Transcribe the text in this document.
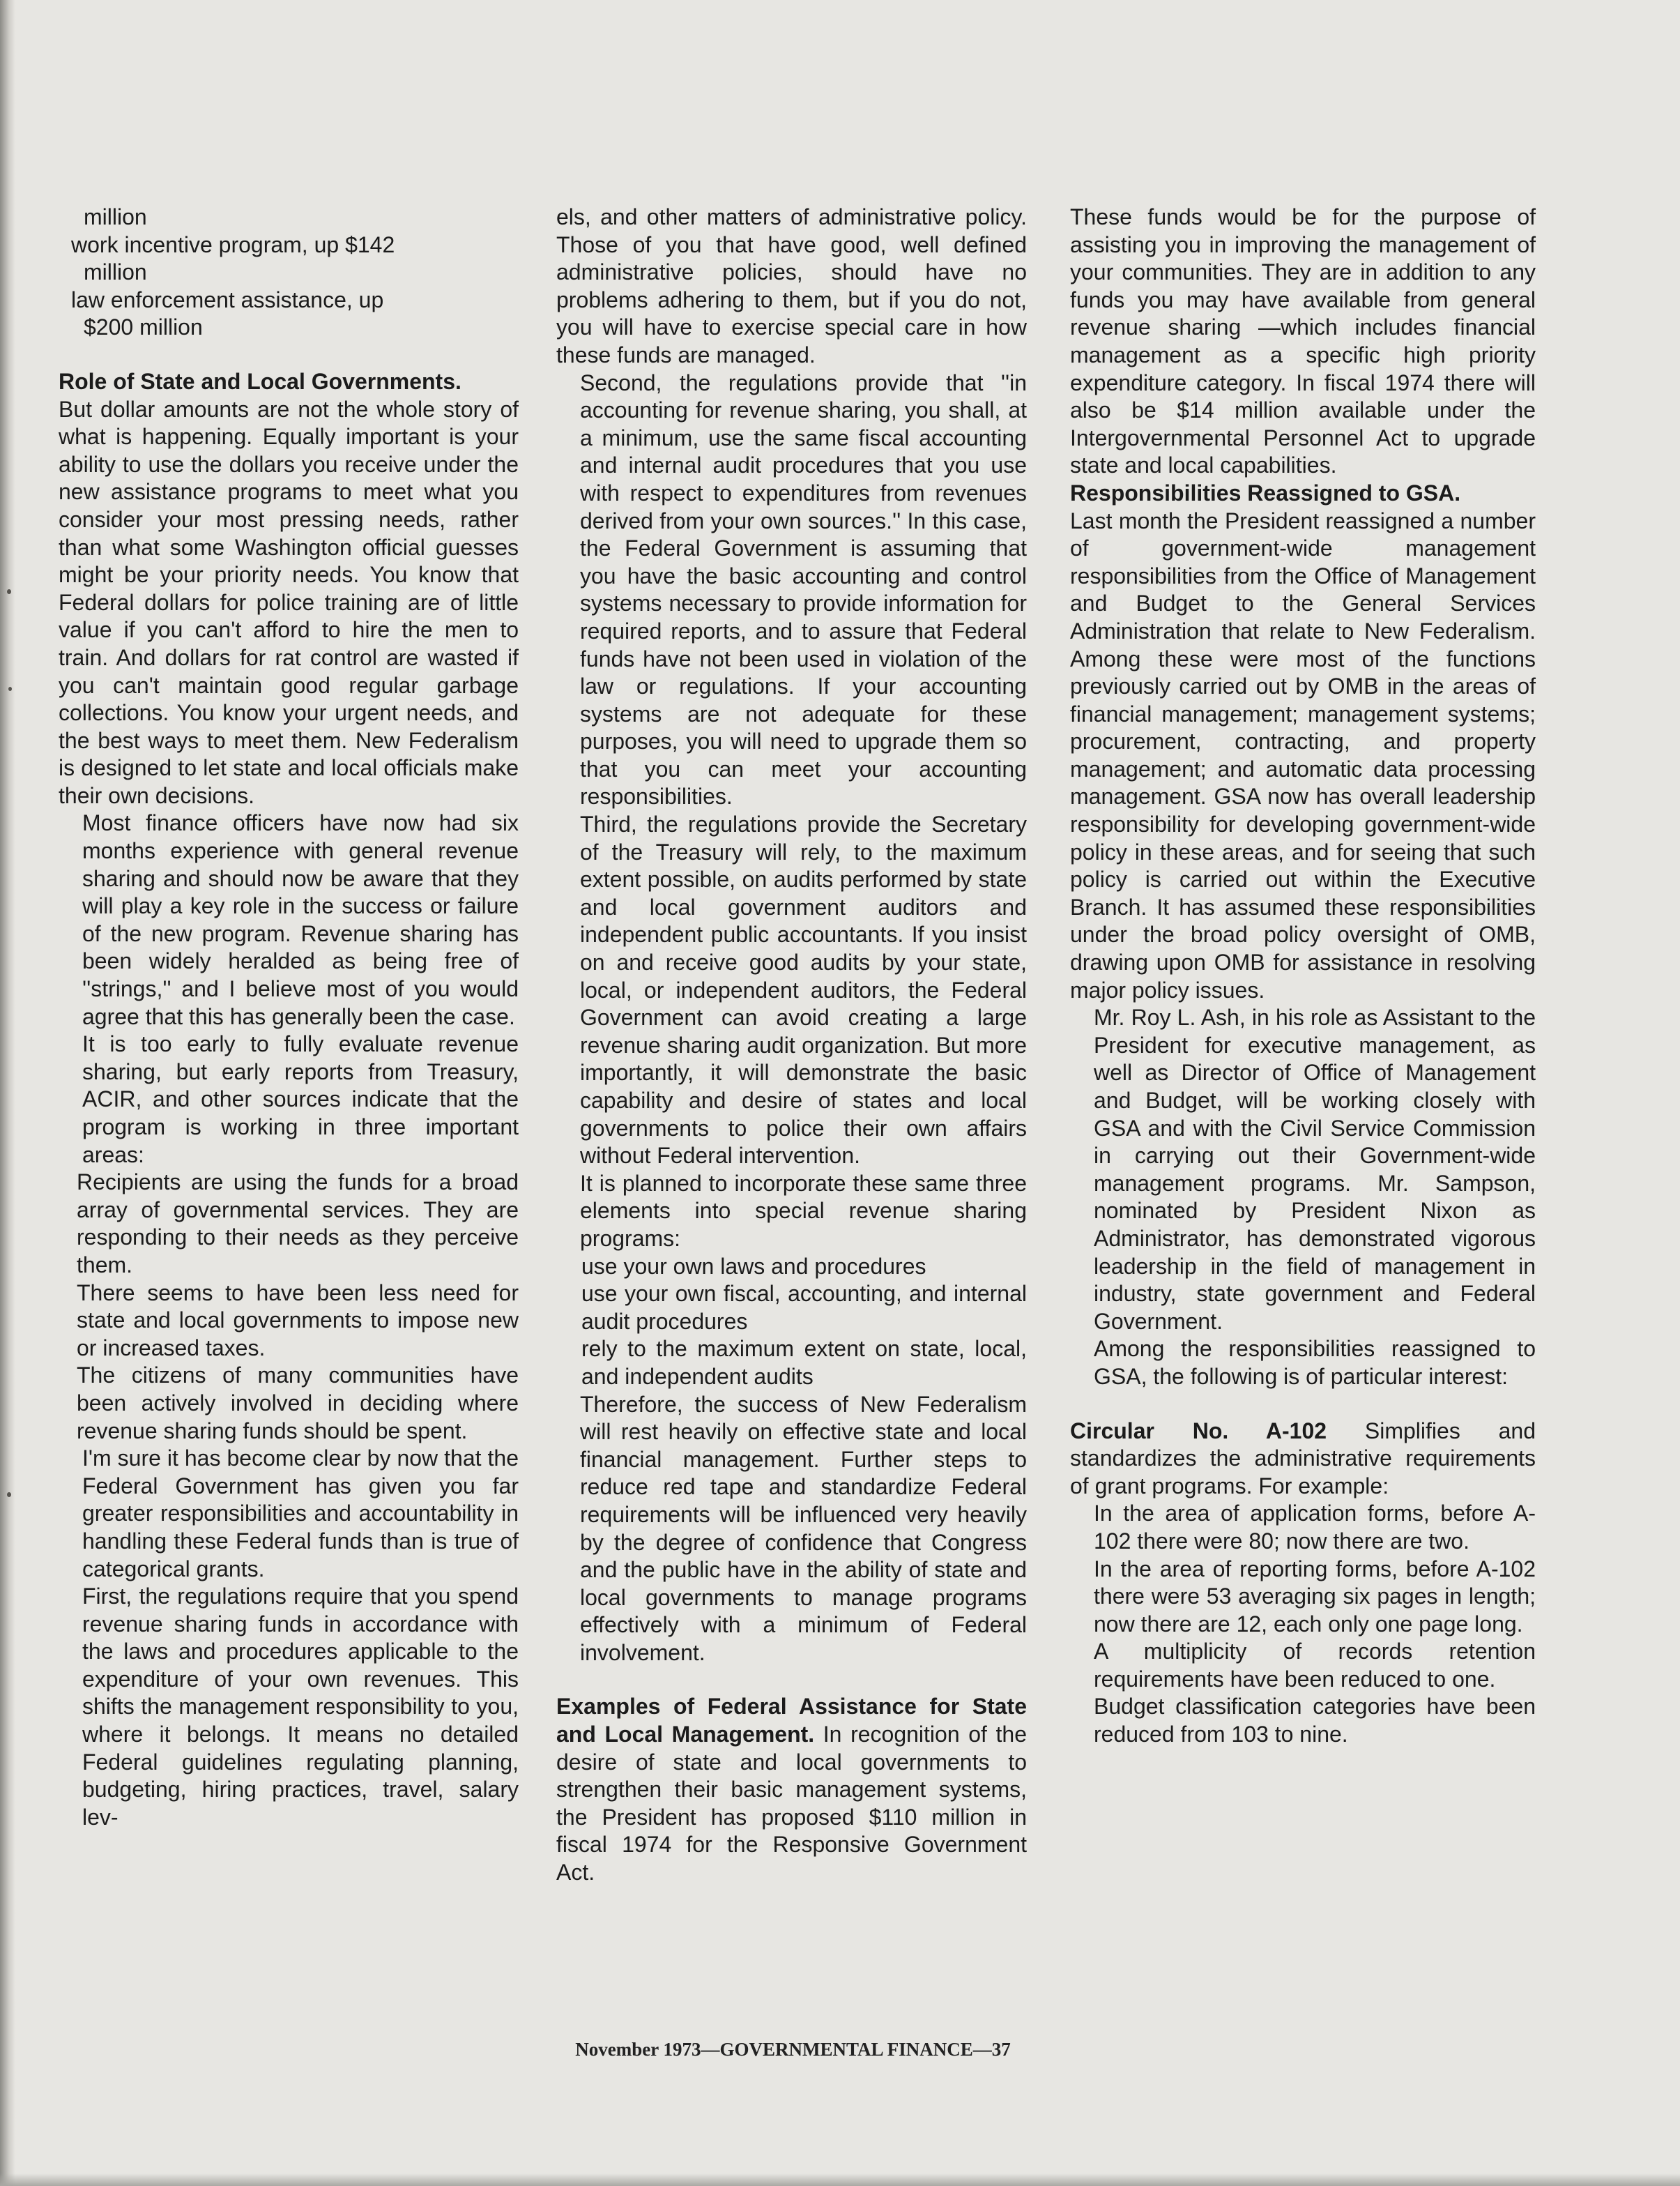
million
work incentive program, up $142
million
law enforcement assistance, up
$200 million
Role of State and Local Governments.
But dollar amounts are not the whole story of what is happening. Equally important is your ability to use the dollars you receive under the new assistance programs to meet what you consider your most pressing needs, rather than what some Washington official guesses might be your priority needs. You know that Federal dollars for police training are of little value if you can't afford to hire the men to train. And dollars for rat control are wasted if you can't maintain good regular garbage collections. You know your urgent needs, and the best ways to meet them. New Federalism is designed to let state and local officials make their own decisions.
Most finance officers have now had six months experience with general revenue sharing and should now be aware that they will play a key role in the success or failure of the new program. Revenue sharing has been widely heralded as being free of ''strings,'' and I believe most of you would agree that this has generally been the case.
It is too early to fully evaluate revenue sharing, but early reports from Treasury, ACIR, and other sources indicate that the program is working in three important areas:
Recipients are using the funds for a broad array of governmental services. They are responding to their needs as they perceive them.
There seems to have been less need for state and local governments to impose new or increased taxes.
The citizens of many communities have been actively involved in deciding where revenue sharing funds should be spent.
I'm sure it has become clear by now that the Federal Government has given you far greater responsibilities and accountability in handling these Federal funds than is true of categorical grants.
First, the regulations require that you spend revenue sharing funds in accordance with the laws and procedures applicable to the expenditure of your own revenues. This shifts the management responsibility to you, where it belongs. It means no detailed Federal guidelines regulating planning, budgeting, hiring practices, travel, salary lev-
els, and other matters of administrative policy. Those of you that have good, well defined administrative policies, should have no problems adhering to them, but if you do not, you will have to exercise special care in how these funds are managed.
Second, the regulations provide that ''in accounting for revenue sharing, you shall, at a minimum, use the same fiscal accounting and internal audit procedures that you use with respect to expenditures from revenues derived from your own sources.'' In this case, the Federal Government is assuming that you have the basic accounting and control systems necessary to provide information for required reports, and to assure that Federal funds have not been used in violation of the law or regulations. If your accounting systems are not adequate for these purposes, you will need to upgrade them so that you can meet your accounting responsibilities.
Third, the regulations provide the Secretary of the Treasury will rely, to the maximum extent possible, on audits performed by state and local government auditors and independent public accountants. If you insist on and receive good audits by your state, local, or independent auditors, the Federal Government can avoid creating a large revenue sharing audit organization. But more importantly, it will demonstrate the basic capability and desire of states and local governments to police their own affairs without Federal intervention.
It is planned to incorporate these same three elements into special revenue sharing programs:
use your own laws and procedures
use your own fiscal, accounting, and internal audit procedures
rely to the maximum extent on state, local, and independent audits
Therefore, the success of New Federalism will rest heavily on effective state and local financial management. Further steps to reduce red tape and standardize Federal requirements will be influenced very heavily by the degree of confidence that Congress and the public have in the ability of state and local governments to manage programs effectively with a minimum of Federal involvement.
Examples of Federal Assistance for State and Local Management. In recognition of the desire of state and local governments to strengthen their basic management systems, the President has proposed $110 million in fiscal 1974 for the Responsive Government Act.
These funds would be for the purpose of assisting you in improving the management of your communities. They are in addition to any funds you may have available from general revenue sharing —which includes financial management as a specific high priority expenditure category. In fiscal 1974 there will also be $14 million available under the Intergovernmental Personnel Act to upgrade state and local capabilities.
Responsibilities Reassigned to GSA.
Last month the President reassigned a number of government-wide management responsibilities from the Office of Management and Budget to the General Services Administration that relate to New Federalism. Among these were most of the functions previously carried out by OMB in the areas of financial management; management systems; procurement, contracting, and property management; and automatic data processing management. GSA now has overall leadership responsibility for developing government-wide policy in these areas, and for seeing that such policy is carried out within the Executive Branch. It has assumed these responsibilities under the broad policy oversight of OMB, drawing upon OMB for assistance in resolving major policy issues.
Mr. Roy L. Ash, in his role as Assistant to the President for executive management, as well as Director of Office of Management and Budget, will be working closely with GSA and with the Civil Service Commission in carrying out their Government-wide management programs. Mr. Sampson, nominated by President Nixon as Administrator, has demonstrated vigorous leadership in the field of management in industry, state government and Federal Government.
Among the responsibilities reassigned to GSA, the following is of particular interest:
Circular No. A-102 Simplifies and standardizes the administrative requirements of grant programs. For example:
In the area of application forms, before A-102 there were 80; now there are two.
In the area of reporting forms, before A-102 there were 53 averaging six pages in length; now there are 12, each only one page long.
A multiplicity of records retention requirements have been reduced to one.
Budget classification categories have been reduced from 103 to nine.
November 1973—GOVERNMENTAL FINANCE—37
